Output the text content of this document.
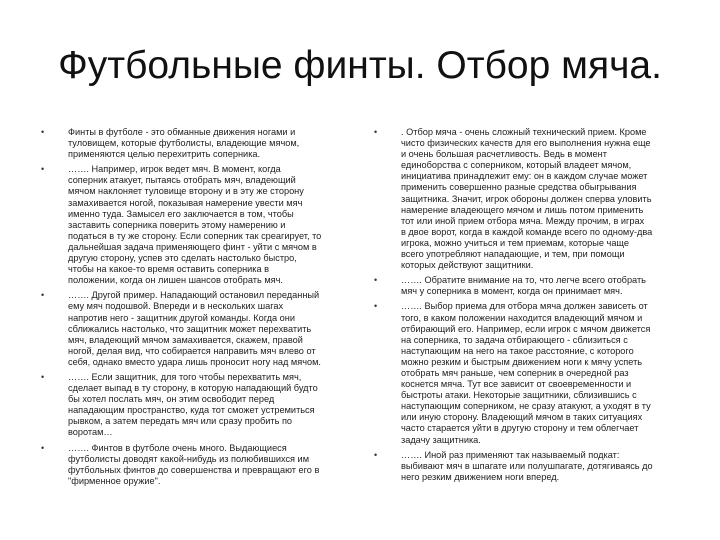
Футбольные финты. Отбор мяча.
•	Финты в футболе - это обманные движения ногами и
туловищем, которые футболисты, владеющие мячом,
применяются целью перехитрить соперника.
•	……. Например, игрок ведет мяч. В момент, когда
соперник атакует, пытаясь отобрать мяч, владеющий
мячом наклоняет туловище второну и в эту же сторону
замахивается ногой, показывая намерение увести мяч
именно туда. Замысел его заключается в том, чтобы
заставить соперника поверить этому намерению и
податься в ту же сторону. Если соперник так среагирует, то
дальнейшая задача применяющего финт - уйти с мячом в
другую сторону, успев это сделать настолько быстро,
чтобы на какое-то время оставить соперника в
положении, когда он лишен шансов отобрать мяч.
•	……. Другой пример. Нападающий остановил переданный
ему мяч подошвой. Впереди и в нескольких шагах
напротив него - защитник другой команды. Когда они
сближались настолько, что защитник может перехватить
мяч, владеющий мячом замахивается, скажем, правой
ногой, делая вид, что собирается направить мяч влево от
себя, однако вместо удара лишь проносит ногу над мячом.
•	……. Если защитник, для того чтобы перехватить мяч,
сделает выпад в ту сторону, в которую нападающий будто
бы хотел послать мяч, он этим освободит перед
нападающим пространство, куда тот сможет устремиться
рывком, а затем передать мяч или сразу пробить по
воротам…
•	……. Финтов в футболе очень много. Выдающиеся
футболисты доводят какой-нибудь из полюбившихся им
футбольных финтов до совершенства и превращают его в
"фирменное оружие".
•	. Отбор мяча - очень сложный технический прием. Кроме
чисто физических качеств для его выполнения нужна еще
и очень большая расчетливость. Ведь в момент
единоборства с соперником, который владеет мячом,
инициатива принадлежит ему: он в каждом случае может
применить совершенно разные средства обыгрывания
защитника. Значит, игрок обороны должен сперва уловить
намерение владеющего мячом и лишь потом применить
тот или иной прием отбора мяча. Между прочим, в играх
в двое ворот, когда в каждой команде всего по одному-два
игрока, можно учиться и тем приемам, которые чаще
всего употребляют нападающие, и тем, при помощи
которых действуют защитники.
•	……. Обратите внимание на то, что легче всего отобрать
мяч у соперника в момент, когда он принимает мяч.
•	……. Выбор приема для отбора мяча должен зависеть от
того, в каком положении находится владеющий мячом и
отбирающий его. Например, если игрок с мячом движется
на соперника, то задача отбирающего - сблизиться с
наступающим на него на такое расстояние, с которого
можно резким и быстрым движением ноги к мячу успеть
отобрать мяч раньше, чем соперник в очередной раз
коснется мяча. Тут все зависит от своевременности и
быстроты атаки. Некоторые защитники, сблизившись с
наступающим соперником, не сразу атакуют, а уходят в ту
или иную сторону. Владеющий мячом в таких ситуациях
часто старается уйти в другую сторону и тем облегчает
задачу защитника.
•	……. Иной раз применяют так называемый подкат:
выбивают мяч в шпагате или полушпагате, дотягиваясь до
него резким движением ноги вперед.
